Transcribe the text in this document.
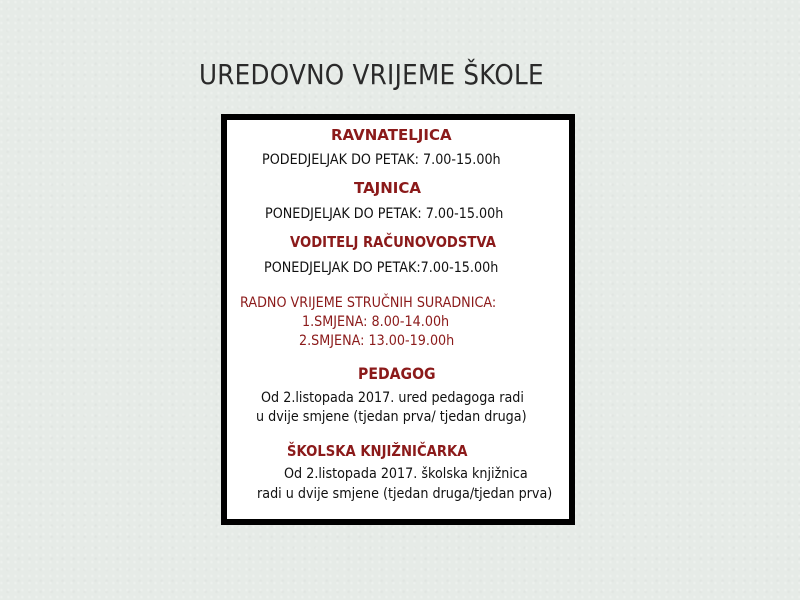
UREDOVNO VRIJEME ŠKOLE
RAVNATELJICA
PODEDJELJAK DO PETAK: 7.00-15.00h
TAJNICA
PONEDJELJAK DO PETAK: 7.00-15.00h
VODITELJ RAČUNOVODSTVA
PONEDJELJAK DO PETAK:7.00-15.00h
RADNO VRIJEME STRUČNIH SURADNICA:
1.SMJENA: 8.00-14.00h
2.SMJENA: 13.00-19.00h
PEDAGOG
Od 2.listopada 2017. ured pedagoga radi
u dvije smjene (tjedan prva/ tjedan druga)
ŠKOLSKA KNJIŽNIČARKA
Od 2.listopada 2017. školska knjižnica
radi u dvije smjene (tjedan druga/tjedan prva)
